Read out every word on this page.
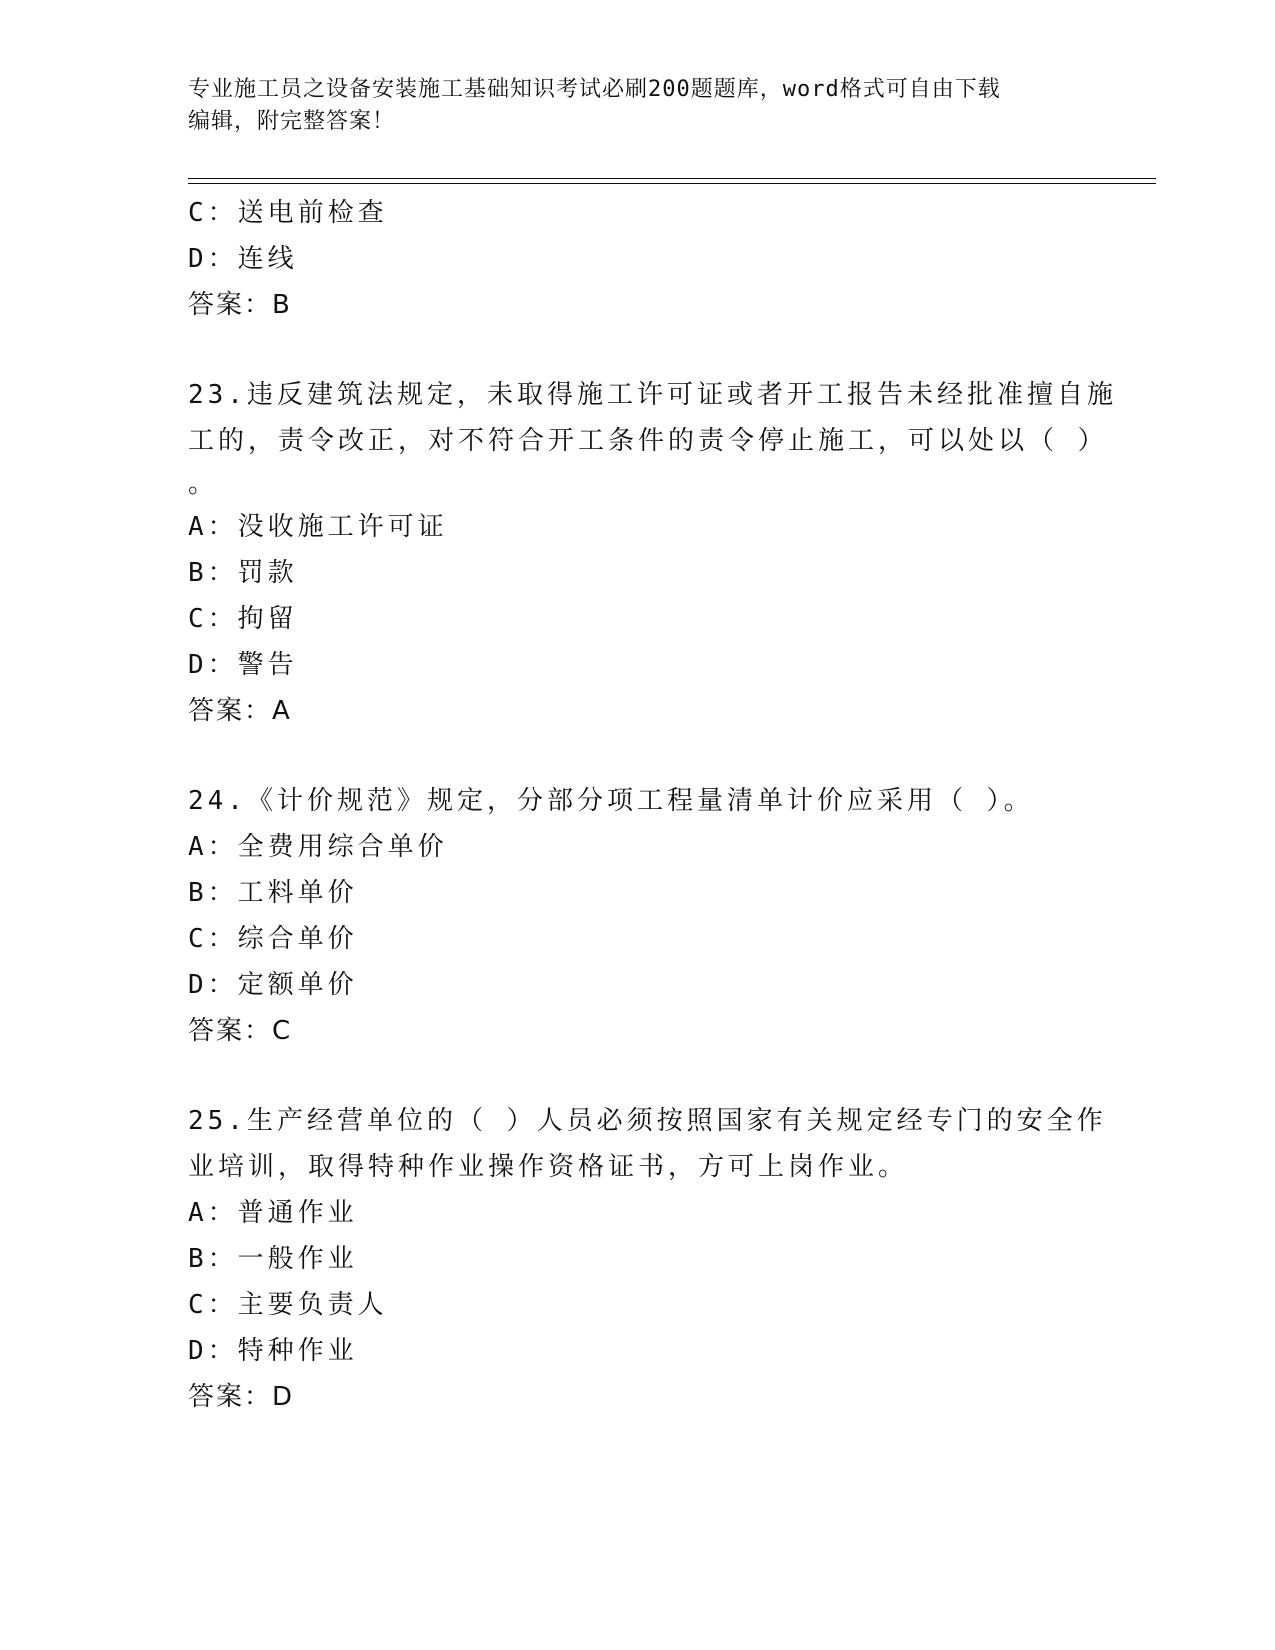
专业施工员之设备安装施工基础知识考试必刷200题题库，word格式可自由下载
编辑，附完整答案！
C：送电前检查
D：连线
答案：B
23.违反建筑法规定，未取得施工许可证或者开工报告未经批准擅自施
工的，责令改正，对不符合开工条件的责令停止施工，可以处以（ ）
。
A：没收施工许可证
B：罚款
C：拘留
D：警告
答案：A
24.《计价规范》规定，分部分项工程量清单计价应采用（ ）。
A：全费用综合单价
B：工料单价
C：综合单价
D：定额单价
答案：C
25.生产经营单位的（ ）人员必须按照国家有关规定经专门的安全作
业培训，取得特种作业操作资格证书，方可上岗作业。
A：普通作业
B：一般作业
C：主要负责人
D：特种作业
答案：D
